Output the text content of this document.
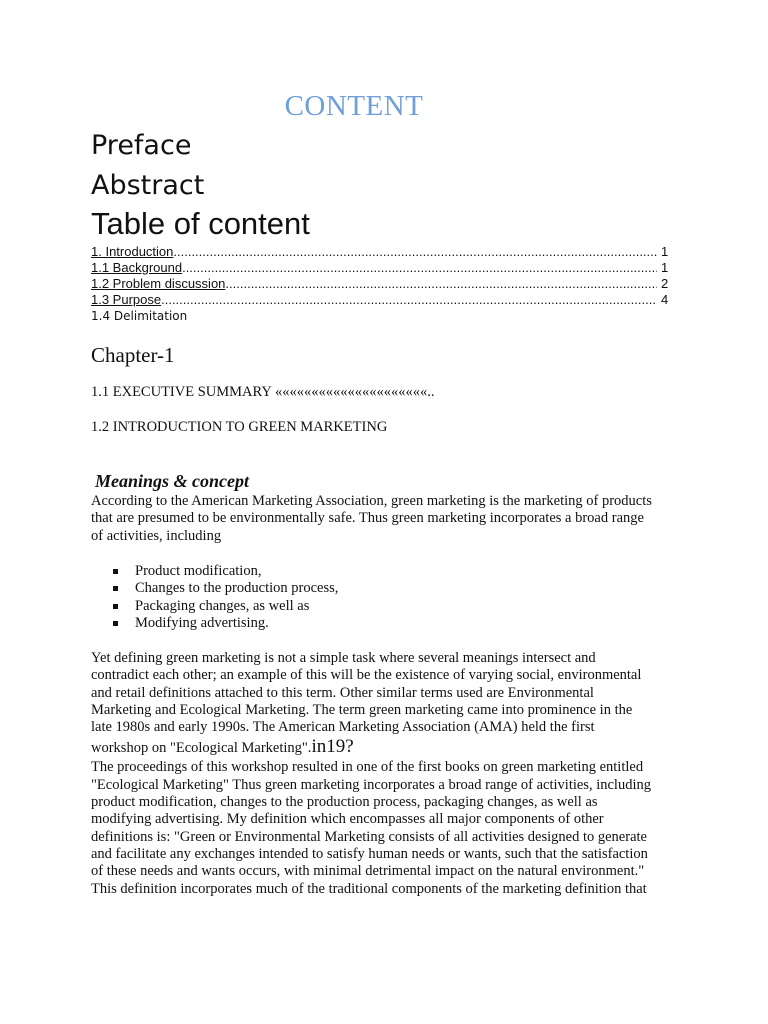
CONTENT
Preface
Abstract
Table of content
1. Introduction .....	1
1.1 Background .....	1
1.2 Problem discussion .....	2
1.3 Purpose .....	4
1.4 Delimitation
Chapter-1
1.1 EXECUTIVE SUMMARY «««««««««««««««««««««..
1.2 INTRODUCTION TO GREEN MARKETING
Meanings & concept

According to the American Marketing Association, green marketing is the marketing of products

that are presumed to be environmentally safe. Thus green marketing incorporates a broad range

of activities, including

Product modification,
Changes to the production process,
Packaging changes, as well as
Modifying advertising.

Yet defining green marketing is not a simple task where several meanings intersect and

contradict each other; an example of this will be the existence of varying social, environmental

and retail definitions attached to this term. Other similar terms used are Environmental

Marketing and Ecological Marketing. The term green marketing came into prominence in the

late 1980s and early 1990s. The American Marketing Association (AMA) held the first

workshop on "Ecological Marketing".in19?

The proceedings of this workshop resulted in one of the first books on green marketing entitled

"Ecological Marketing" Thus green marketing incorporates a broad range of activities, including

product modification, changes to the production process, packaging changes, as well as

modifying advertising. My definition which encompasses all major components of other

definitions is: "Green or Environmental Marketing consists of all activities designed to generate

and facilitate any exchanges intended to satisfy human needs or wants, such that the satisfaction

of these needs and wants occurs, with minimal detrimental impact on the natural environment."

This definition incorporates much of the traditional components of the marketing definition that
